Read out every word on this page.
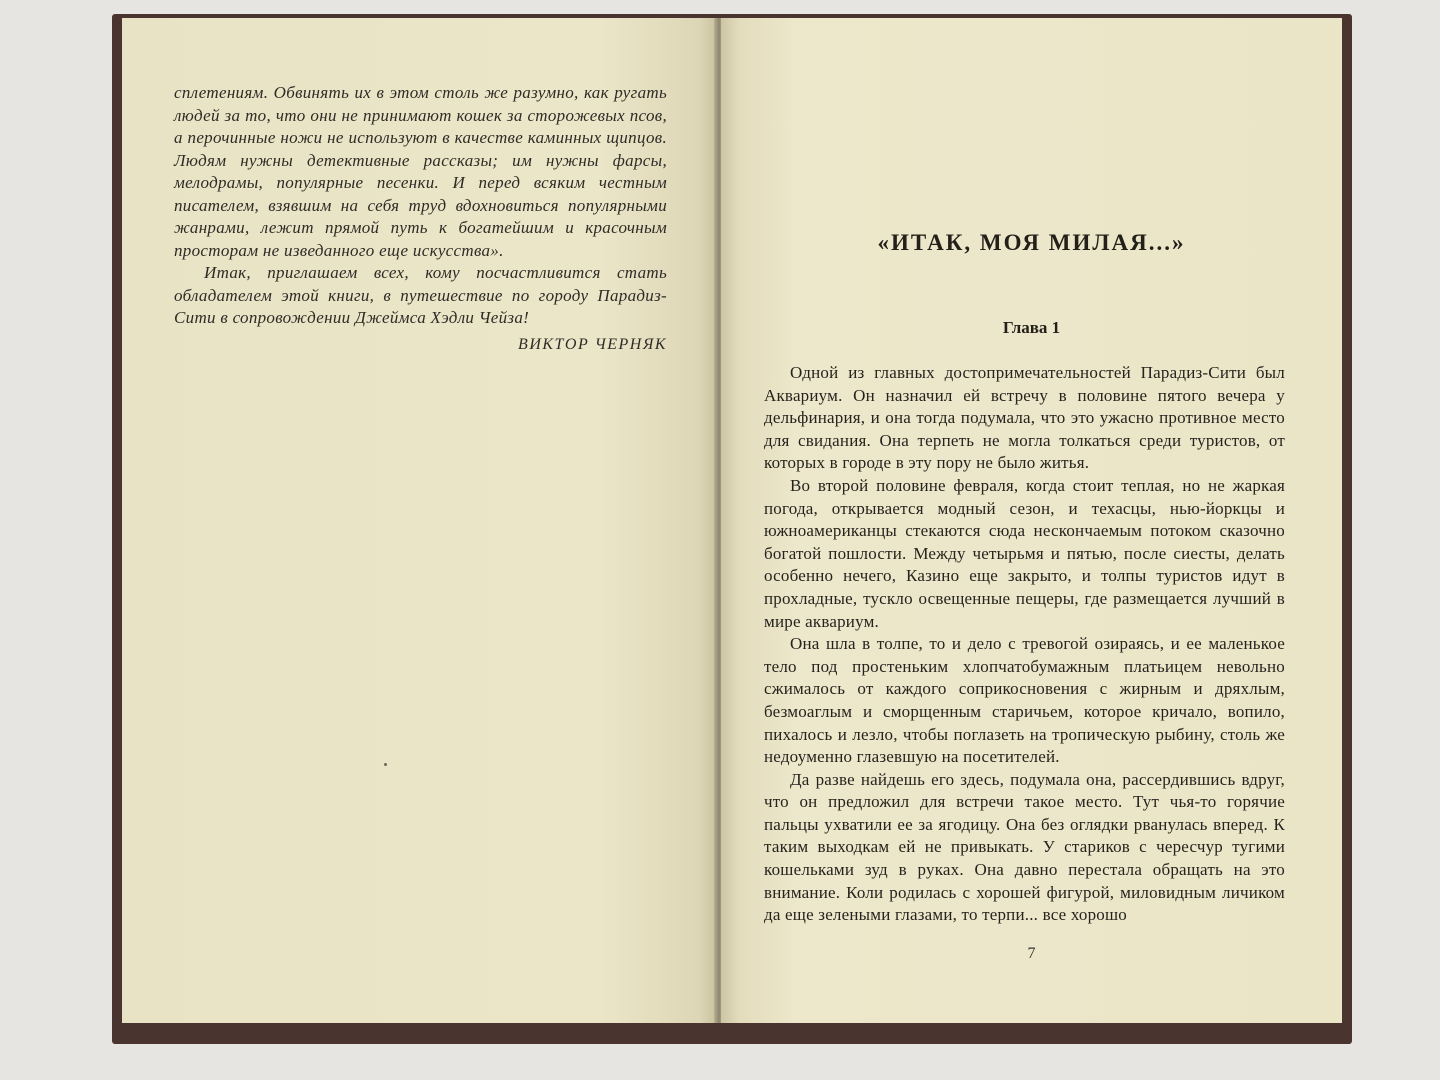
сплетениям. Обвинять их в этом столь же разумно, как ругать людей за то, что они не принимают кошек за сторожевых псов, а перочинные ножи не используют в качестве каминных щипцов. Людям нужны детективные рассказы; им нужны фарсы, мелодрамы, популярные песенки. И перед всяким честным писателем, взявшим на себя труд вдохновиться популярными жанрами, лежит прямой путь к богатейшим и красочным просторам не изведанного еще искусства».

Итак, приглашаем всех, кому посчастливится стать обладателем этой книги, в путешествие по городу Парадиз-Сити в сопровождении Джеймса Хэдли Чейза!

ВИКТОР ЧЕРНЯК

«ИТАК, МОЯ МИЛАЯ...»
Глава 1

Одной из главных достопримечательностей Парадиз-Сити был Аквариум. Он назначил ей встречу в половине пятого вечера у дельфинария, и она тогда подумала, что это ужасно противное место для свидания. Она терпеть не могла толкаться среди туристов, от которых в городе в эту пору не было житья.

Во второй половине февраля, когда стоит теплая, но не жаркая погода, открывается модный сезон, и техасцы, нью-йоркцы и южноамериканцы стекаются сюда нескончаемым потоком сказочно богатой пошлости. Между четырьмя и пятью, после сиесты, делать особенно нечего, Казино еще закрыто, и толпы туристов идут в прохладные, тускло освещенные пещеры, где размещается лучший в мире аквариум.

Она шла в толпе, то и дело с тревогой озираясь, и ее маленькое тело под простеньким хлопчатобумажным платьицем невольно сжималось от каждого соприкосновения с жирным и дряхлым, безмоаглым и сморщенным старичьем, которое кричало, вопило, пихалось и лезло, чтобы поглазеть на тропическую рыбину, столь же недоуменно глазевшую на посетителей.

Да разве найдешь его здесь, подумала она, рассердившись вдруг, что он предложил для встречи такое место. Тут чья-то горячие пальцы ухватили ее за ягодицу. Она без оглядки рванулась вперед. К таким выходкам ей не привыкать. У стариков с чересчур тугими кошельками зуд в руках. Она давно перестала обращать на это внимание. Коли родилась с хорошей фигурой, миловидным личиком да еще зелеными глазами, то терпи... все хорошо

7
